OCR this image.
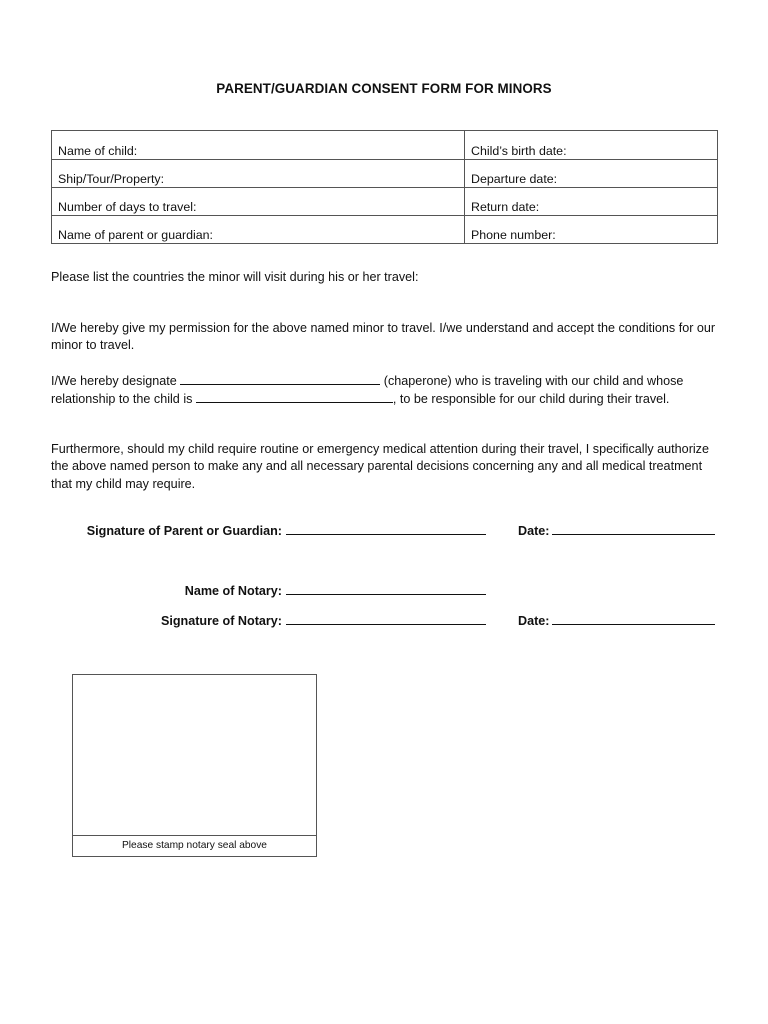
PARENT/GUARDIAN CONSENT FORM FOR MINORS
Name of child:	Child’s birth date:
Ship/Tour/Property:	Departure date:
Number of days to travel:	Return date:
Name of parent or guardian:	Phone number:
Please list the countries the minor will visit during his or her travel:
I/We hereby give my permission for the above named minor to travel. I/we understand and accept the conditions for our minor to travel.
I/We hereby designate	(chaperone) who is traveling with our child and whose relationship to the child is	, to be responsible for our child during their travel.
Furthermore, should my child require routine or emergency medical attention during their travel, I specifically authorize the above named person to make any and all necessary parental decisions concerning any and all medical treatment that my child may require.
Signature of Parent or Guardian:	Date:
Name of Notary:
Signature of Notary:	Date:
Please stamp notary seal above
